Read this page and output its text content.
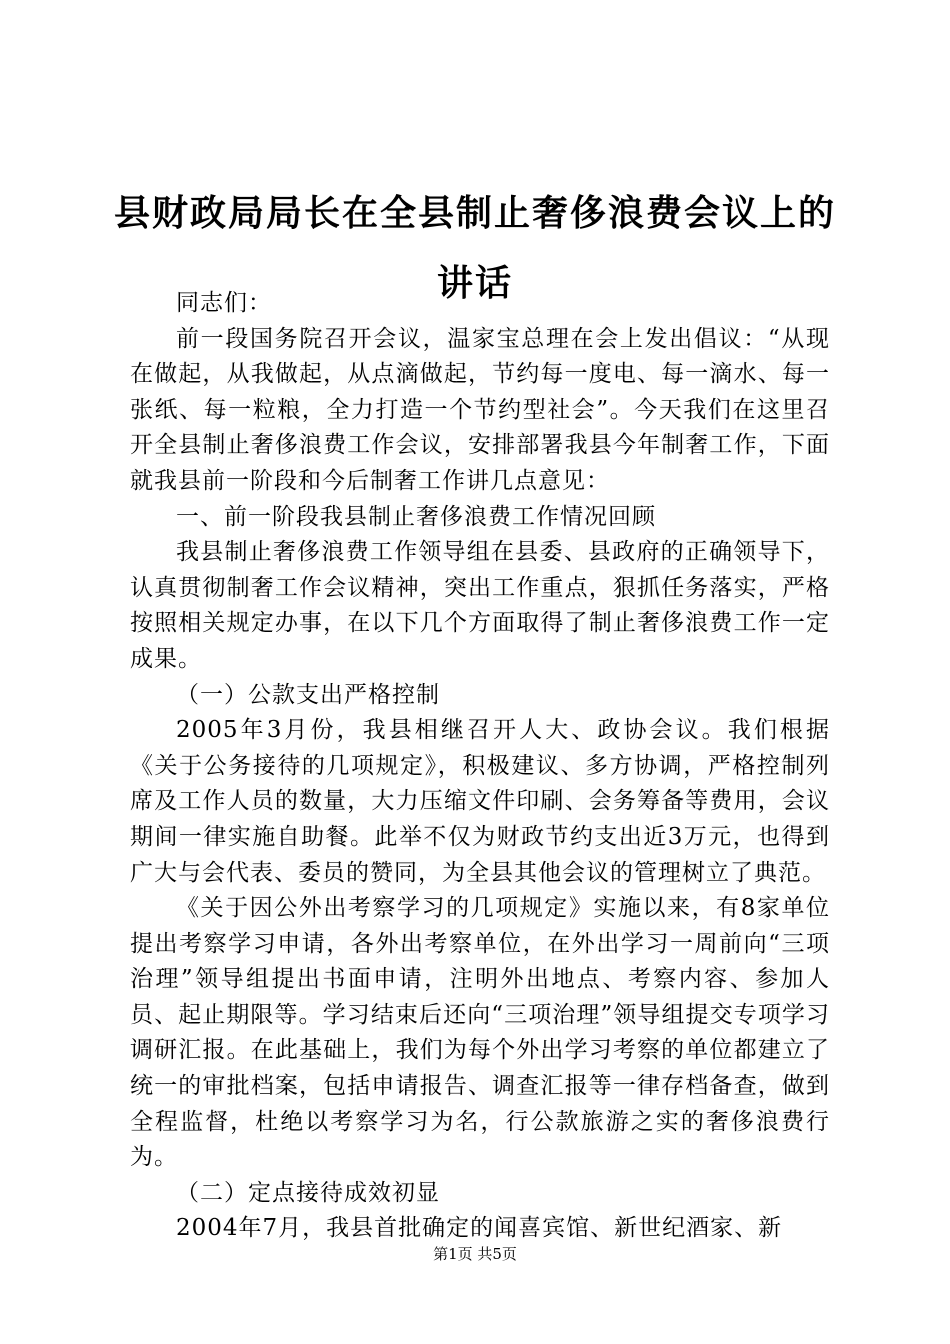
县财政局局长在全县制止奢侈浪费会议上的讲话

同志们：

前一段国务院召开会议，温家宝总理在会上发出倡议：“从现在做起，从我做起，从点滴做起，节约每一度电、每一滴水、每一张纸、每一粒粮，全力打造一个节约型社会”。今天我们在这里召开全县制止奢侈浪费工作会议，安排部署我县今年制奢工作，下面就我县前一阶段和今后制奢工作讲几点意见：

一、前一阶段我县制止奢侈浪费工作情况回顾

我县制止奢侈浪费工作领导组在县委、县政府的正确领导下，认真贯彻制奢工作会议精神，突出工作重点，狠抓任务落实，严格按照相关规定办事，在以下几个方面取得了制止奢侈浪费工作一定成果。

（一）公款支出严格控制

2005年3月份，我县相继召开人大、政协会议。我们根据《关于公务接待的几项规定》，积极建议、多方协调，严格控制列席及工作人员的数量，大力压缩文件印刷、会务筹备等费用，会议期间一律实施自助餐。此举不仅为财政节约支出近3万元，也得到广大与会代表、委员的赞同，为全县其他会议的管理树立了典范。

《关于因公外出考察学习的几项规定》实施以来，有8家单位提出考察学习申请，各外出考察单位，在外出学习一周前向“三项治理”领导组提出书面申请，注明外出地点、考察内容、参加人员、起止期限等。学习结束后还向“三项治理”领导组提交专项学习调研汇报。在此基础上，我们为每个外出学习考察的单位都建立了统一的审批档案，包括申请报告、调查汇报等一律存档备查，做到全程监督，杜绝以考察学习为名，行公款旅游之实的奢侈浪费行为。

（二）定点接待成效初显

2004年7月，我县首批确定的闻喜宾馆、新世纪酒家、新

第1页 共5页
